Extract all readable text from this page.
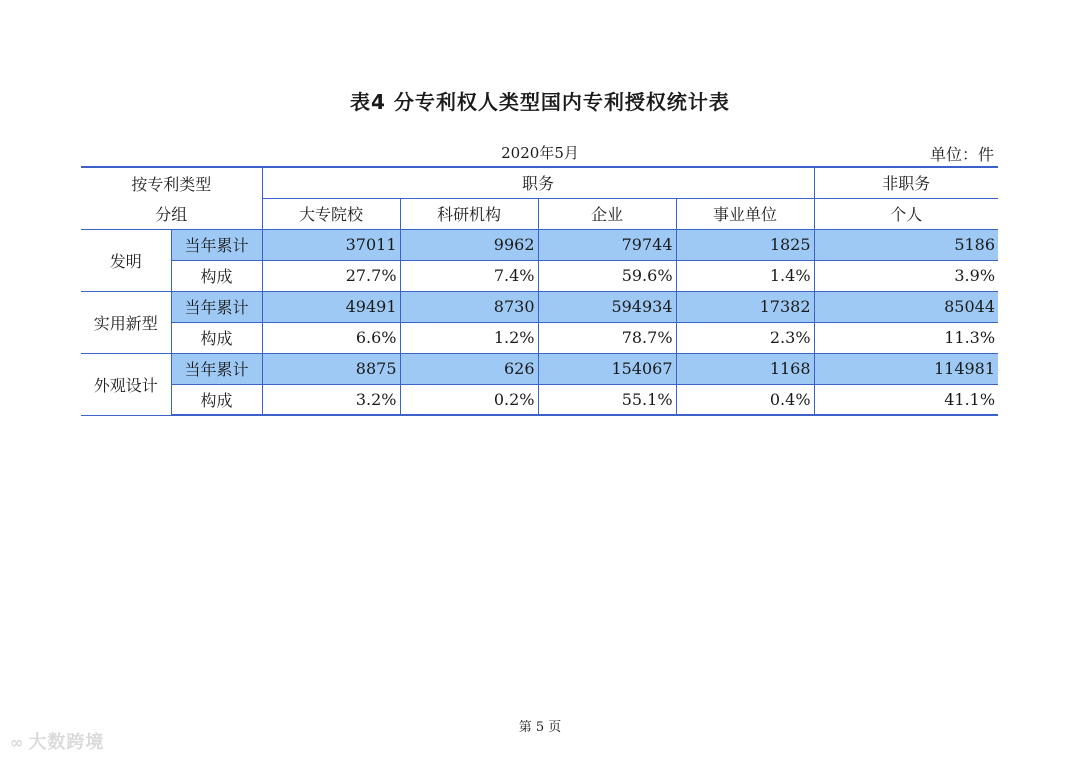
表4 分专利权人类型国内专利授权统计表
2020年5月	单位：件
按专利类型		职务				非职务
分组		大专院校	科研机构	企业	事业单位	个人
发明	当年累计	37011	9962	79744	1825	5186
	构成	27.7%	7.4%	59.6%	1.4%	3.9%
实用新型	当年累计	49491	8730	594934	17382	85044
	构成	6.6%	1.2%	78.7%	2.3%	11.3%
外观设计	当年累计	8875	626	154067	1168	114981
	构成	3.2%	0.2%	55.1%	0.4%	41.1%
第 5 页
∞ 大数跨境
